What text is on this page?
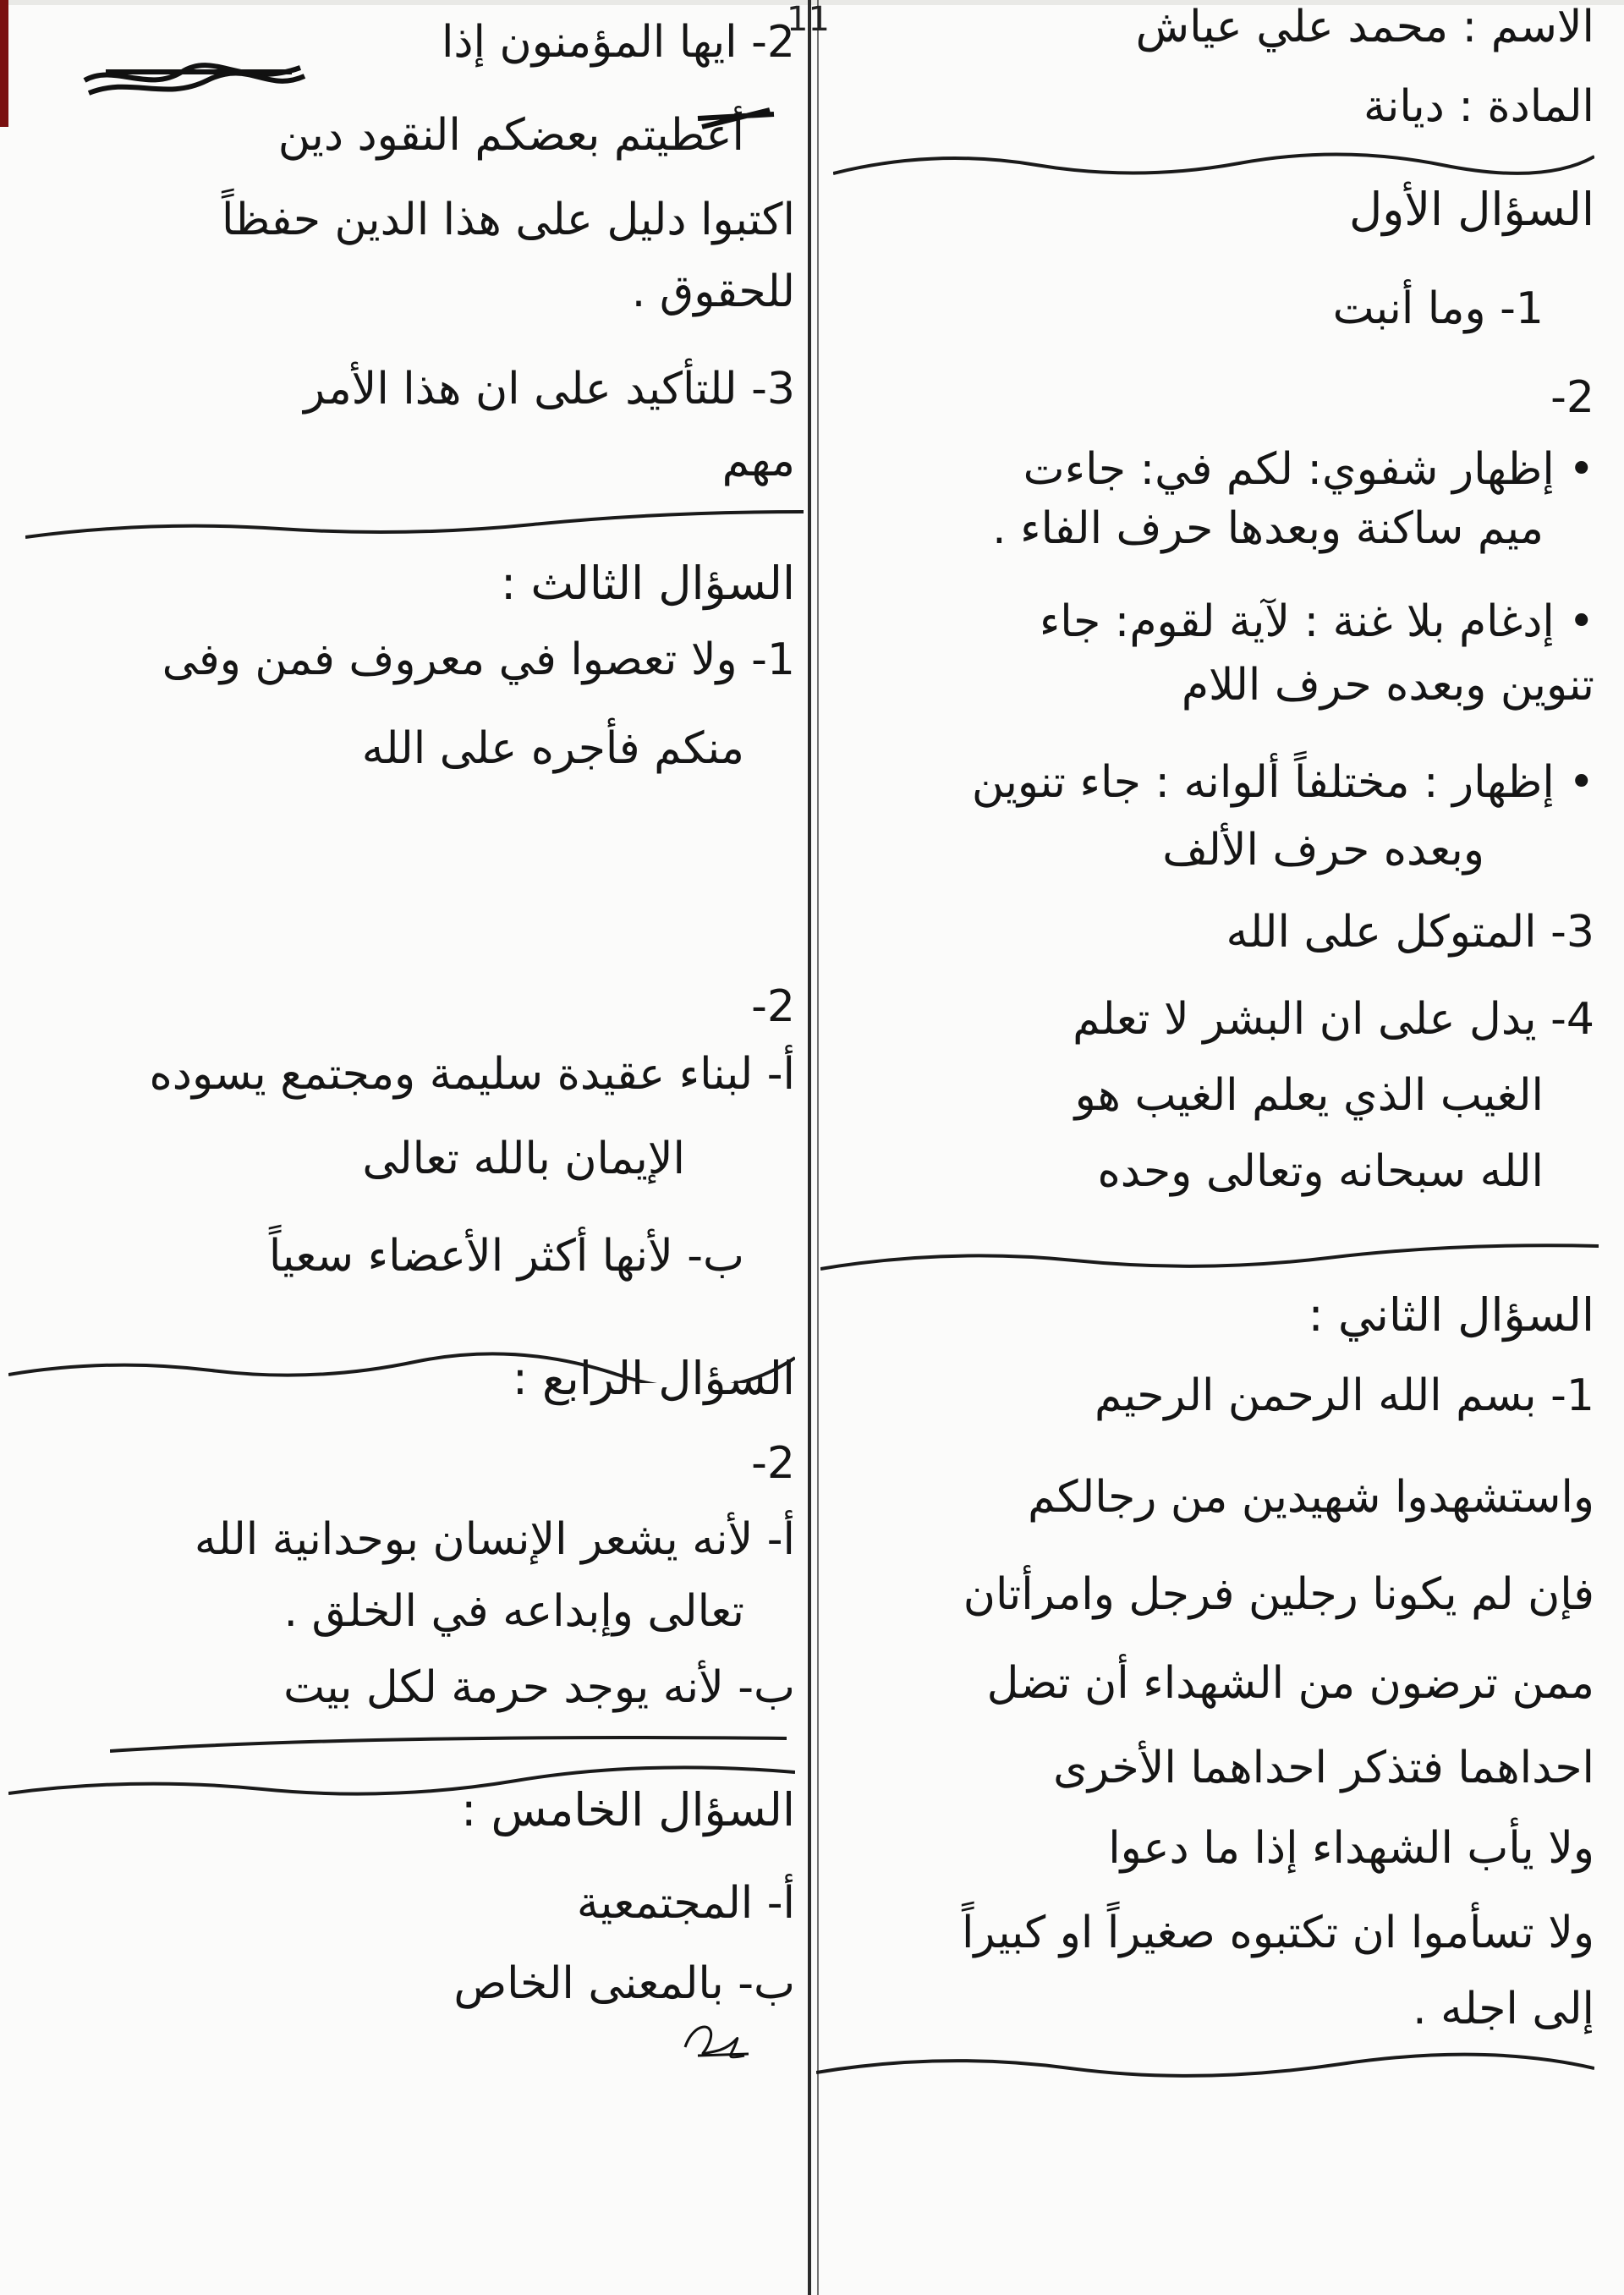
11	الاسم : محمد علي عياش
المادة : ديانة
السؤال الأول
1- وما أنبت
2-
• إظهار شفوي: لكم في: جاءت
ميم ساكنة وبعدها حرف الفاء .
• إدغام بلا غنة : لآية لقوم: جاء
تنوين وبعده حرف اللام
• إظهار : مختلفاً ألوانه : جاء تنوين
وبعده حرف الألف
3- المتوكل على الله
4- يدل على ان البشر لا تعلم
الغيب الذي يعلم الغيب هو
الله سبحانه وتعالى وحده
السؤال الثاني :
1- بسم الله الرحمن الرحيم
واستشهدوا شهيدين من رجالكم
فإن لم يكونا رجلين فرجل وامرأتان
ممن ترضون من الشهداء أن تضل
احداهما فتذكر احداهما الأخرى
ولا يأب الشهداء إذا ما دعوا
ولا تسأموا ان تكتبوه صغيراً او كبيراً
إلى اجله .
2- ايها المؤمنون إذا
أعطيتم بعضكم النقود دين
اكتبوا دليل على هذا الدين حفظاً
للحقوق .
3- للتأكيد على ان هذا الأمر
مهم
السؤال الثالث :
1- ولا تعصوا في معروف فمن وفى
منكم فأجره على الله
2-
أ- لبناء عقيدة سليمة ومجتمع يسوده
الإيمان بالله تعالى
ب- لأنها أكثر الأعضاء سعياً
السؤال الرابع :
2-
أ- لأنه يشعر الإنسان بوحدانية الله
تعالى وإبداعه في الخلق .
ب- لأنه يوجد حرمة لكل بيت
السؤال الخامس :
أ- المجتمعية
ب- بالمعنى الخاص
